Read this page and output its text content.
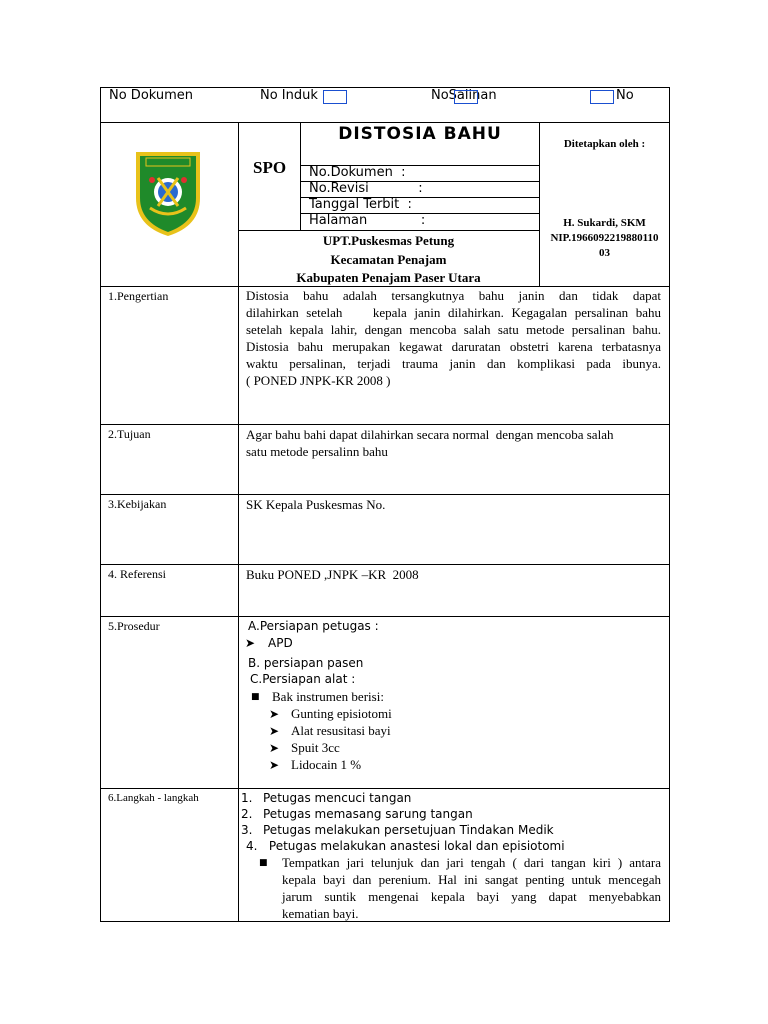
No Dokumen	No Induk	NoSalinan	No
SPO
DISTOSIA BAHU
No.Dokumen  :
No.Revisi            :
Tanggal Terbit  :
Halaman             :
Ditetapkan oleh :
H. Sukardi, SKM
NIP.1966092219880110
03
UPT.Puskesmas Petung
Kecamatan Penajam
Kabupaten Penajam Paser Utara
1.Pengertian	Distosia bahu adalah tersangkutnya bahu janin dan tidak dapat
dilahirkan setelah    kepala janin dilahirkan. Kegagalan persalinan bahu
setelah kepala lahir, dengan mencoba salah satu metode persalinan bahu.
Distosia bahu merupakan kegawat daruratan obstetri karena terbatasnya
waktu persalinan, terjadi trauma janin dan komplikasi pada ibunya.
( PONED JNPK-KR 2008 )
2.Tujuan	Agar bahu bahi dapat dilahirkan secara normal  dengan mencoba salah
satu metode persalinn bahu
3.Kebijakan	SK Kepala Puskesmas No.
4. Referensi	Buku PONED ,JNPK –KR  2008
5.Prosedur	A.Persiapan petugas :
➤ APD
B. persiapan pasen
C.Persiapan alat :
■ Bak instrumen berisi:
➤ Gunting episiotomi
➤ Alat resusitasi bayi
➤ Spuit 3cc
➤ Lidocain 1 %
6.Langkah - langkah	1. Petugas mencuci tangan
2. Petugas memasang sarung tangan
3. Petugas melakukan persetujuan Tindakan Medik
4.   Petugas melakukan anastesi lokal dan episiotomi
■ Tempatkan jari telunjuk dan jari tengah ( dari tangan kiri ) antara
kepala bayi dan perenium. Hal ini sangat penting untuk mencegah
jarum suntik mengenai kepala bayi yang dapat menyebabkan
kematian bayi.
